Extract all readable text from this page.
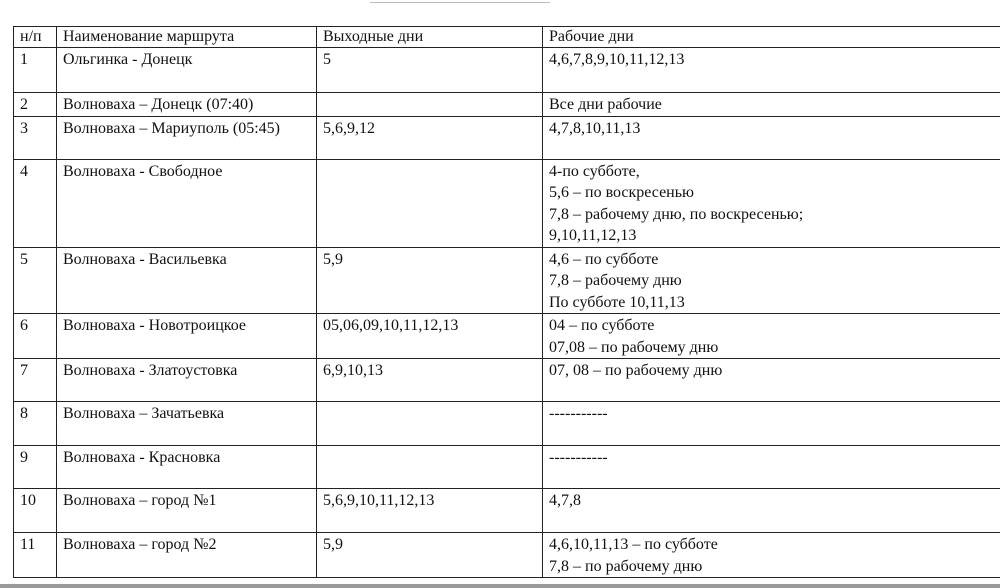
н/п	Наименование маршрута	Выходные дни	Рабочие дни
1	Ольгинка - Донецк	5	4,6,7,8,9,10,11,12,13

2	Волноваха – Донецк (07:40)		Все дни рабочие

3	Волноваха – Мариуполь (05:45)	5,6,9,12	4,7,8,10,11,13

4	Волноваха - Свободное		4-по субботе,
5,6 – по воскресенью
7,8 – рабочему дню, по воскресенью;
9,10,11,12,13

5	Волноваха - Васильевка	5,9	4,6 – по субботе
7,8 – рабочему дню
По субботе 10,11,13

6	Волноваха - Новотроицкое	05,06,09,10,11,12,13	04 – по субботе
07,08 – по рабочему дню

7	Волноваха - Златоустовка	6,9,10,13	07, 08 – по рабочему дню

8	Волноваха – Зачатьевка		-----------

9	Волноваха - Красновка		-----------

10	Волноваха – город №1	5,6,9,10,11,12,13	4,7,8

11	Волноваха – город №2	5,9	4,6,10,11,13 – по субботе
7,8 – по рабочему дню
